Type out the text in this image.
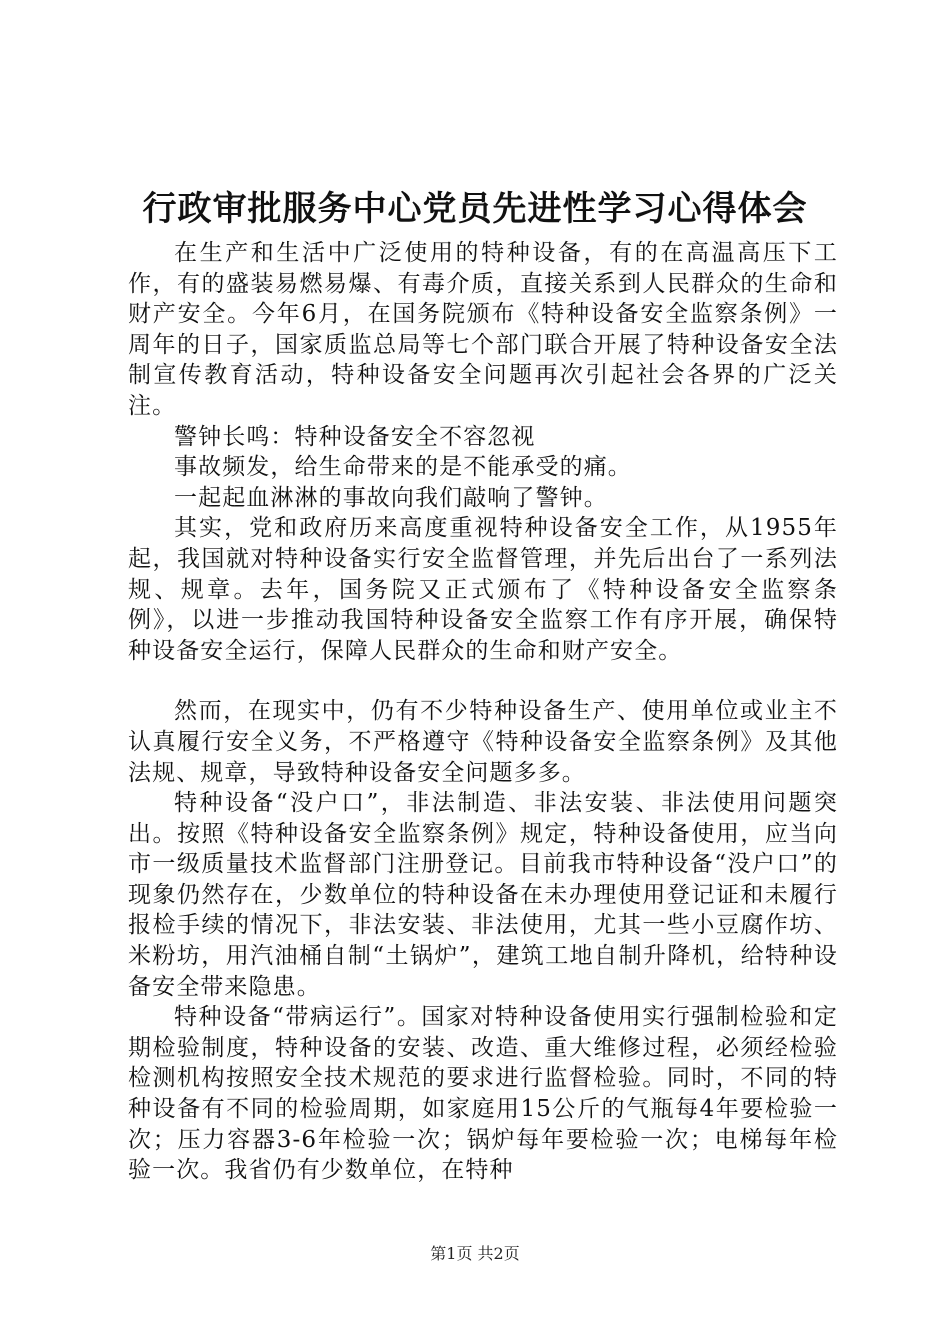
行政审批服务中心党员先进性学习心得体会

在生产和生活中广泛使用的特种设备，有的在高温高压下工作，有的盛装易燃易爆、有毒介质，直接关系到人民群众的生命和财产安全。今年6月，在国务院颁布《特种设备安全监察条例》一周年的日子，国家质监总局等七个部门联合开展了特种设备安全法制宣传教育活动，特种设备安全问题再次引起社会各界的广泛关注。

警钟长鸣：特种设备安全不容忽视

事故频发，给生命带来的是不能承受的痛。

一起起血淋淋的事故向我们敲响了警钟。

其实，党和政府历来高度重视特种设备安全工作，从1955年起，我国就对特种设备实行安全监督管理，并先后出台了一系列法规、规章。去年，国务院又正式颁布了《特种设备安全监察条例》，以进一步推动我国特种设备安全监察工作有序开展，确保特种设备安全运行，保障人民群众的生命和财产安全。

然而，在现实中，仍有不少特种设备生产、使用单位或业主不认真履行安全义务，不严格遵守《特种设备安全监察条例》及其他法规、规章，导致特种设备安全问题多多。

特种设备“没户口”，非法制造、非法安装、非法使用问题突出。按照《特种设备安全监察条例》规定，特种设备使用，应当向市一级质量技术监督部门注册登记。目前我市特种设备“没户口”的现象仍然存在，少数单位的特种设备在未办理使用登记证和未履行报检手续的情况下，非法安装、非法使用，尤其一些小豆腐作坊、米粉坊，用汽油桶自制“土锅炉”，建筑工地自制升降机，给特种设备安全带来隐患。

特种设备“带病运行”。国家对特种设备使用实行强制检验和定期检验制度，特种设备的安装、改造、重大维修过程，必须经检验检测机构按照安全技术规范的要求进行监督检验。同时，不同的特种设备有不同的检验周期，如家庭用15公斤的气瓶每4年要检验一次；压力容器3-6年检验一次；锅炉每年要检验一次；电梯每年检验一次。我省仍有少数单位，在特种

第1页 共2页
